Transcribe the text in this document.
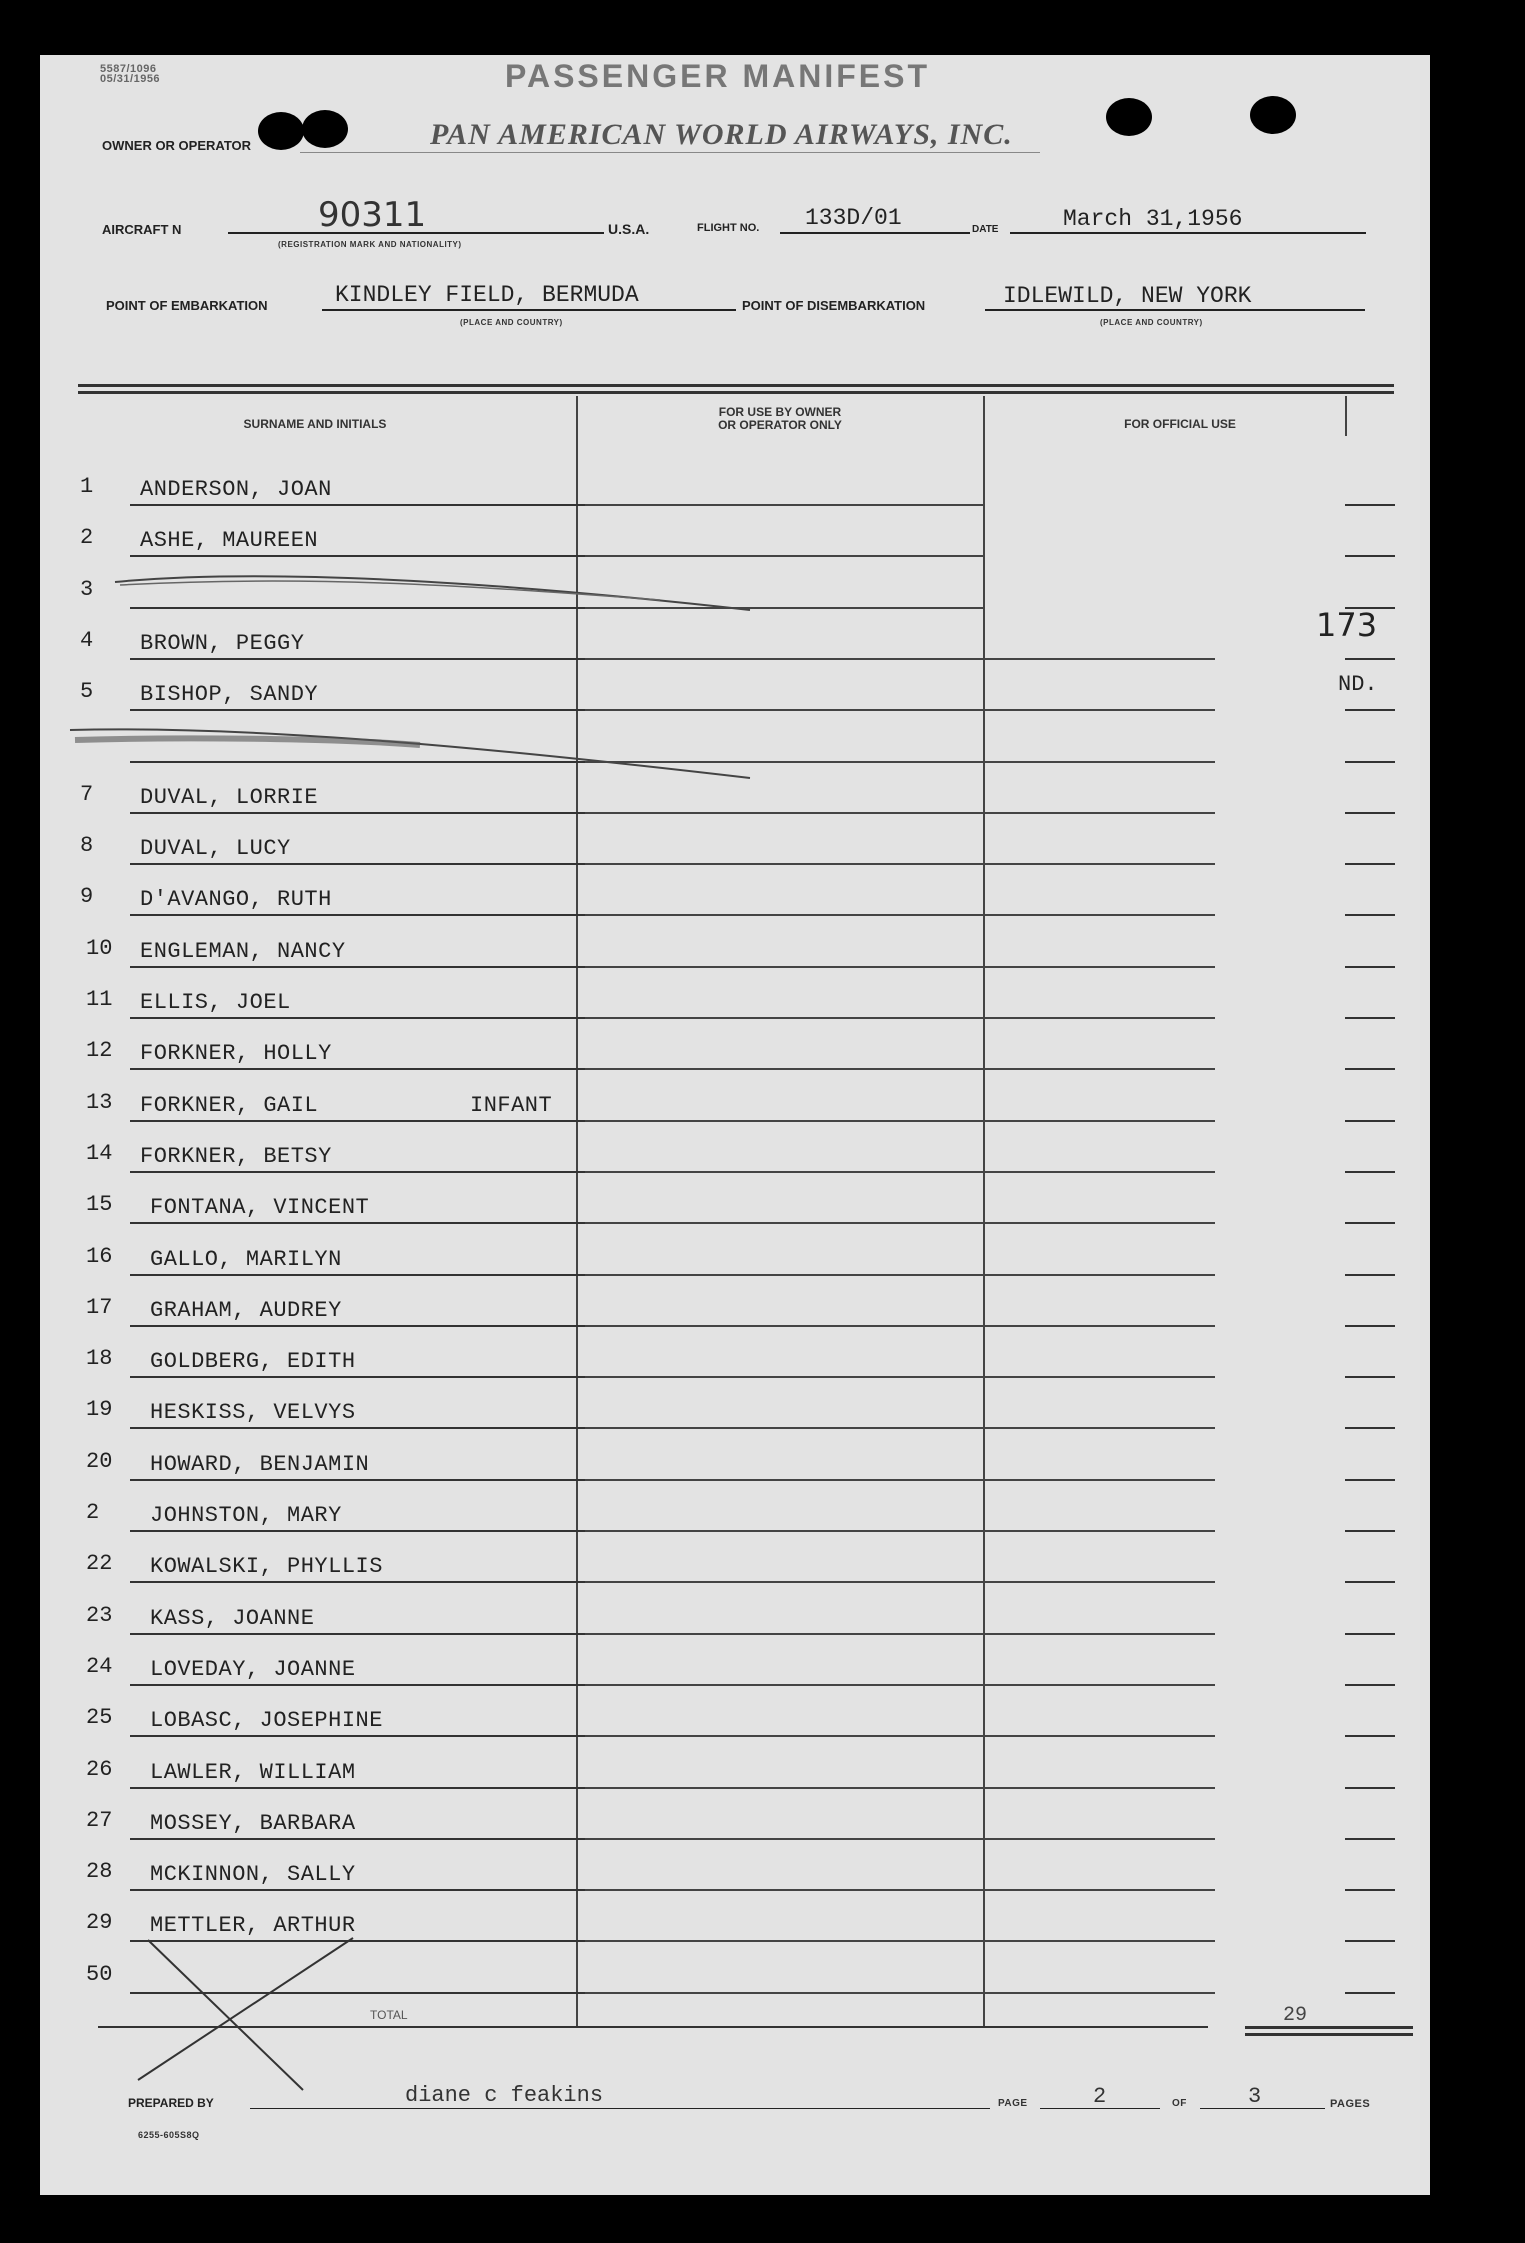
5587/1096
05/31/1956	PASSENGER MANIFEST
OWNER OR OPERATOR	PAN AMERICAN WORLD AIRWAYS, INC.
AIRCRAFT N	90311
(REGISTRATION MARK AND NATIONALITY)
U.S.A.	FLIGHT NO. 133D/01	DATE	March 31,1956
POINT OF EMBARKATION	KINDLEY FIELD, BERMUDA
(PLACE AND COUNTRY)
POINT OF DISEMBARKATION	IDLEWILD, NEW YORK
(PLACE AND COUNTRY)
SURNAME AND INITIALS
FOR USE BY OWNER
OR OPERATOR ONLY	FOR OFFICIAL USE
1 ANDERSON, JOAN
2 ASHE, MAUREEN
3
4 BROWN, PEGGY
5 BISHOP, SANDY
7 DUVAL, LORRIE
8 DUVAL, LUCY
9 D'AVANGO, RUTH
10 ENGLEMAN, NANCY
11 ELLIS, JOEL
12 FORKNER, HOLLY
13 FORKNER, GAIL	INFANT
14 FORKNER, BETSY
15 FONTANA, VINCENT
16 GALLO, MARILYN
17 GRAHAM, AUDREY
18 GOLDBERG, EDITH
19 HESKISS, VELVYS
20 HOWARD, BENJAMIN
2 JOHNSTON, MARY
22 KOWALSKI, PHYLLIS
23 KASS, JOANNE
24 LOVEDAY, JOANNE
25 LOBASC, JOSEPHINE
26 LAWLER, WILLIAM
27 MOSSEY, BARBARA
28 MCKINNON, SALLY
29 METTLER, ARTHUR
50
173
ND.
TOTAL	29
PREPARED BY	diane c feakins
6255-605S8Q
PAGE	2	OF	3	PAGES
